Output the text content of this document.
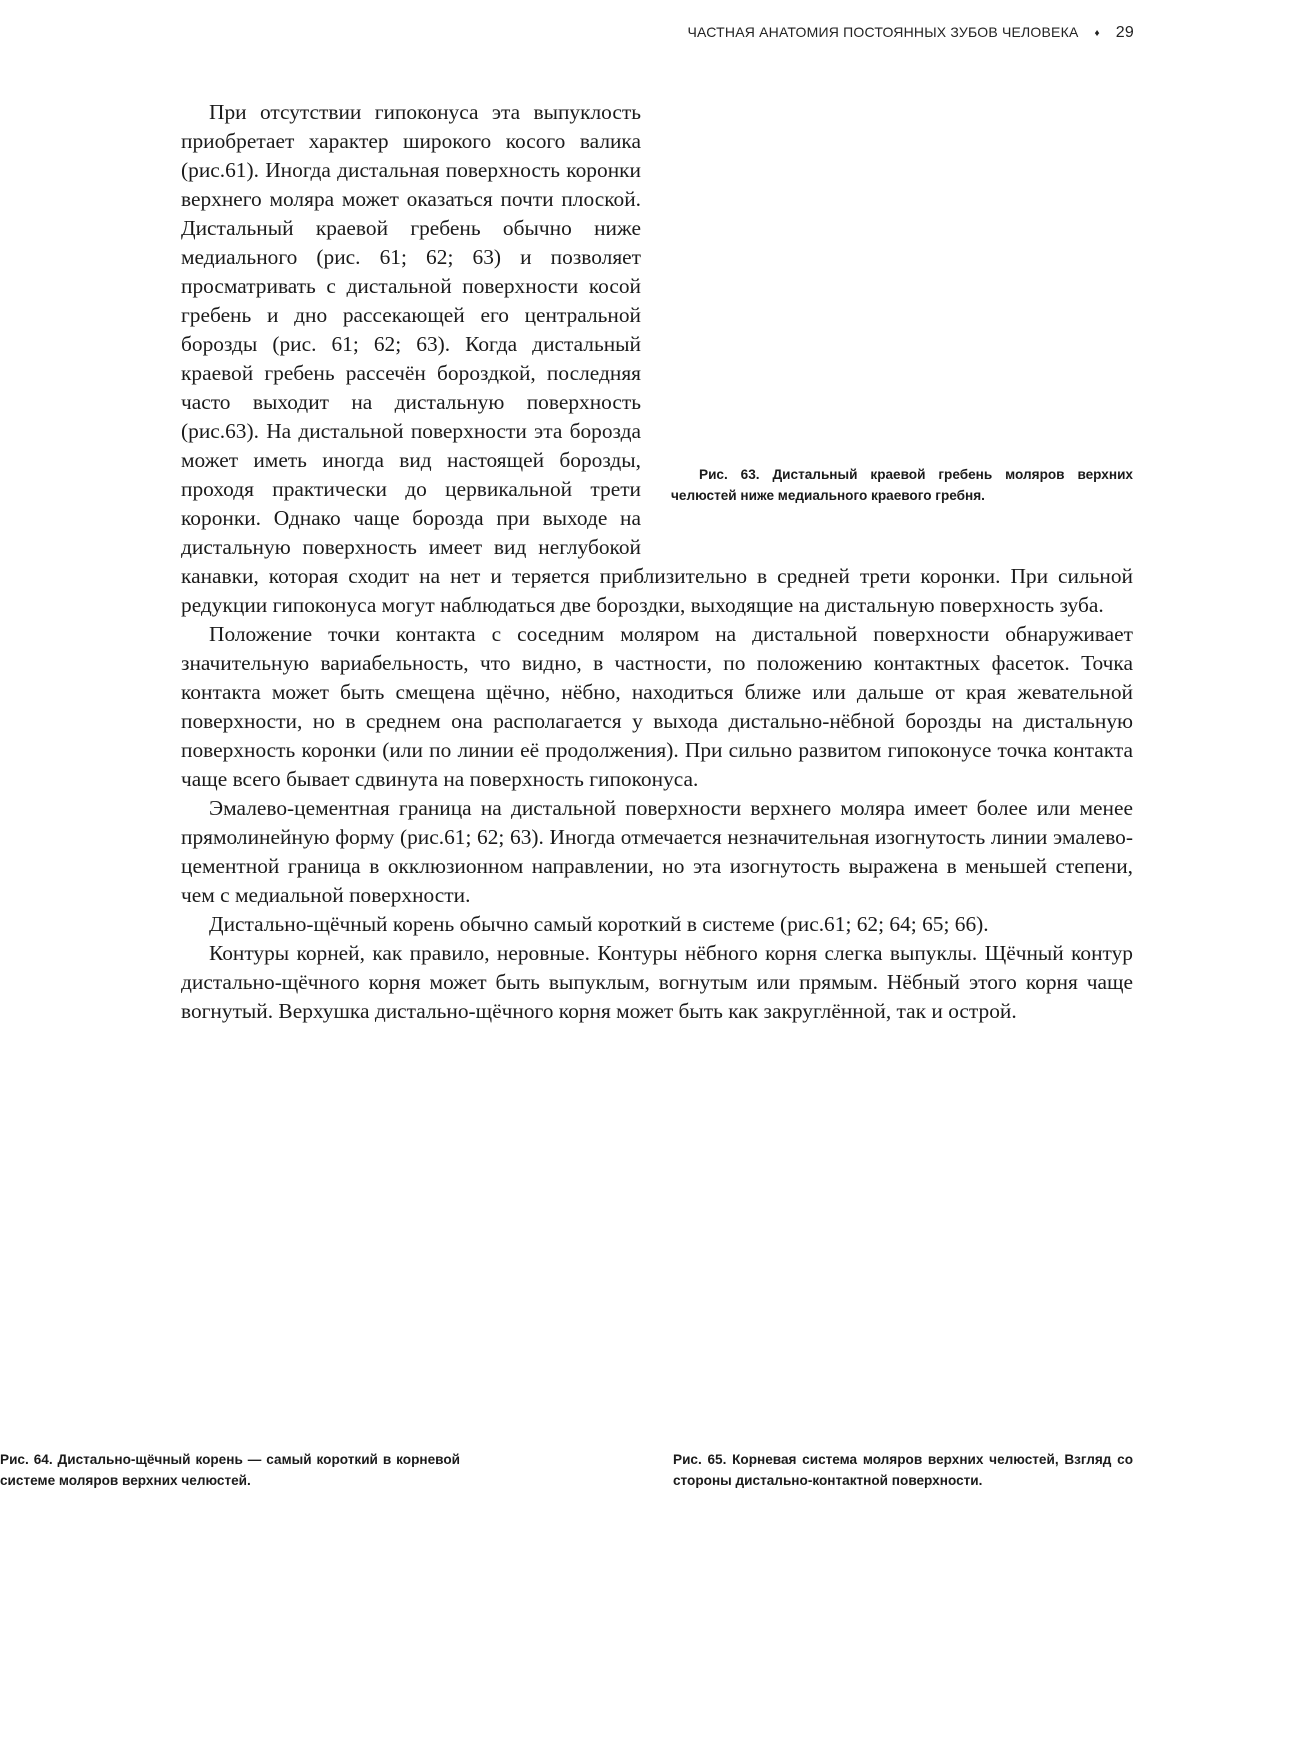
ЧАСТНАЯ АНАТОМИЯ ПОСТОЯННЫХ ЗУБОВ ЧЕЛОВЕКА ♦ 29

Рис. 63. Дистальный краевой гребень моляров верхних челюстей ниже медиального краевого гребня.

При отсутствии гипоконуса эта выпуклость приобретает характер широкого косого валика (рис.61). Иногда дистальная поверхность коронки верхнего моляра может оказаться почти плоской. Дистальный краевой гребень обычно ниже медиального (рис. 61; 62; 63) и позволяет просматривать с дистальной поверхности косой гребень и дно рассекающей его центральной борозды (рис. 61; 62; 63). Когда дистальный краевой гребень рассечён бороздкой, последняя часто выходит на дистальную поверхность (рис.63). На дистальной поверхности эта борозда может иметь иногда вид настоящей борозды, проходя практически до цервикальной трети коронки. Однако чаще борозда при выходе на дистальную поверхность имеет вид неглубокой канавки, которая сходит на нет и теряется приблизительно в средней трети коронки. При сильной редукции гипоконуса могут наблюдаться две бороздки, выходящие на дистальную поверхность зуба.

Положение точки контакта с соседним моляром на дистальной поверхности обнаруживает значительную вариабельность, что видно, в частности, по положению контактных фасеток. Точка контакта может быть смещена щёчно, нёбно, находиться ближе или дальше от края жевательной поверхности, но в среднем она располагается у выхода дистально-нёбной борозды на дистальную поверхность коронки (или по линии её продолжения). При сильно развитом гипоконусе точка контакта чаще всего бывает сдвинута на поверхность гипоконуса.

Эмалево-цементная граница на дистальной поверхности верхнего моляра имеет более или менее прямолинейную форму (рис.61; 62; 63). Иногда отмечается незначительная изогнутость линии эмалево-цементной граница в окклюзионном направлении, но эта изогнутость выражена в меньшей степени, чем с медиальной поверхности.

Дистально-щёчный корень обычно самый короткий в системе (рис.61; 62; 64; 65; 66).

Контуры корней, как правило, неровные. Контуры нёбного корня слегка выпуклы. Щёчный контур дистально-щёчного корня может быть выпуклым, вогнутым или прямым. Нёбный этого корня чаще вогнутый. Верхушка дистально-щёчного корня может быть как закруглённой, так и острой.

Рис. 64. Дистально-щёчный корень — самый короткий в корневой системе моляров верхних челюстей.

Рис. 65. Корневая система моляров верхних челюстей, Взгляд со стороны дистально-контактной поверхности.
